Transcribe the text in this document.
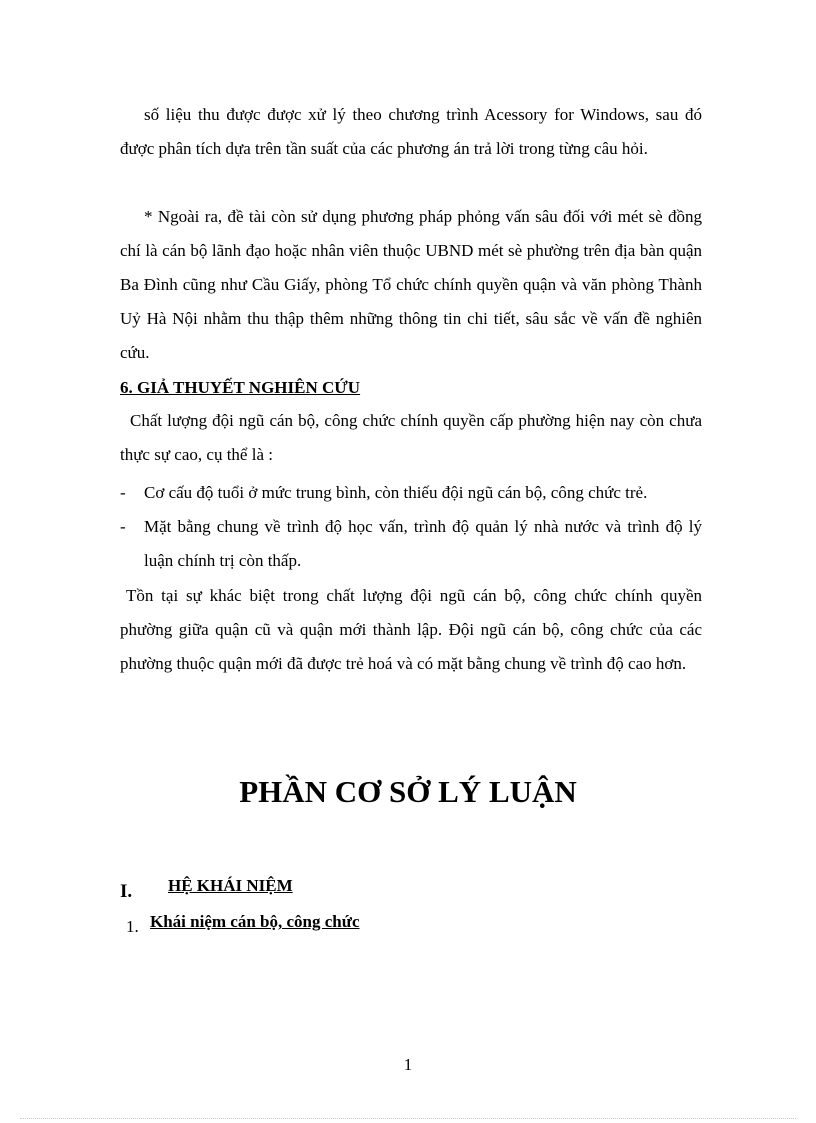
số liệu thu được được xử lý theo chương trình Acessory for Windows, sau đó được phân tích dựa trên tần suất của các phương án trả lời trong từng câu hỏi.

* Ngoài ra, đề tài còn sử dụng phương pháp phỏng vấn sâu đối với mét sè đồng chí là cán bộ lãnh đạo hoặc nhân viên thuộc UBND mét sè phường trên địa bàn quận Ba Đình cũng như Cầu Giấy, phòng Tổ chức chính quyền quận và văn phòng Thành Uỷ Hà Nội nhằm thu thập thêm những thông tin chi tiết, sâu sắc về vấn đề nghiên cứu.

6. GIẢ THUYẾT NGHIÊN CỨU

Chất lượng đội ngũ cán bộ, công chức chính quyền cấp phường hiện nay còn chưa thực sự cao, cụ thể là :

- Cơ cấu độ tuổi ở mức trung bình, còn thiếu đội ngũ cán bộ, công chức trẻ.
- Mặt bằng chung về trình độ học vấn, trình độ quản lý nhà nước và trình độ lý luận chính trị còn thấp.

Tồn tại sự khác biệt trong chất lượng đội ngũ cán bộ, công chức chính quyền phường giữa quận cũ và quận mới thành lập. Đội ngũ cán bộ, công chức của các phường thuộc quận mới đã được trẻ hoá và có mặt bằng chung về trình độ cao hơn.

PHẦN CƠ SỞ LÝ LUẬN
I. HỆ KHÁI NIỆM
1. Khái niệm cán bộ, công chức
1
